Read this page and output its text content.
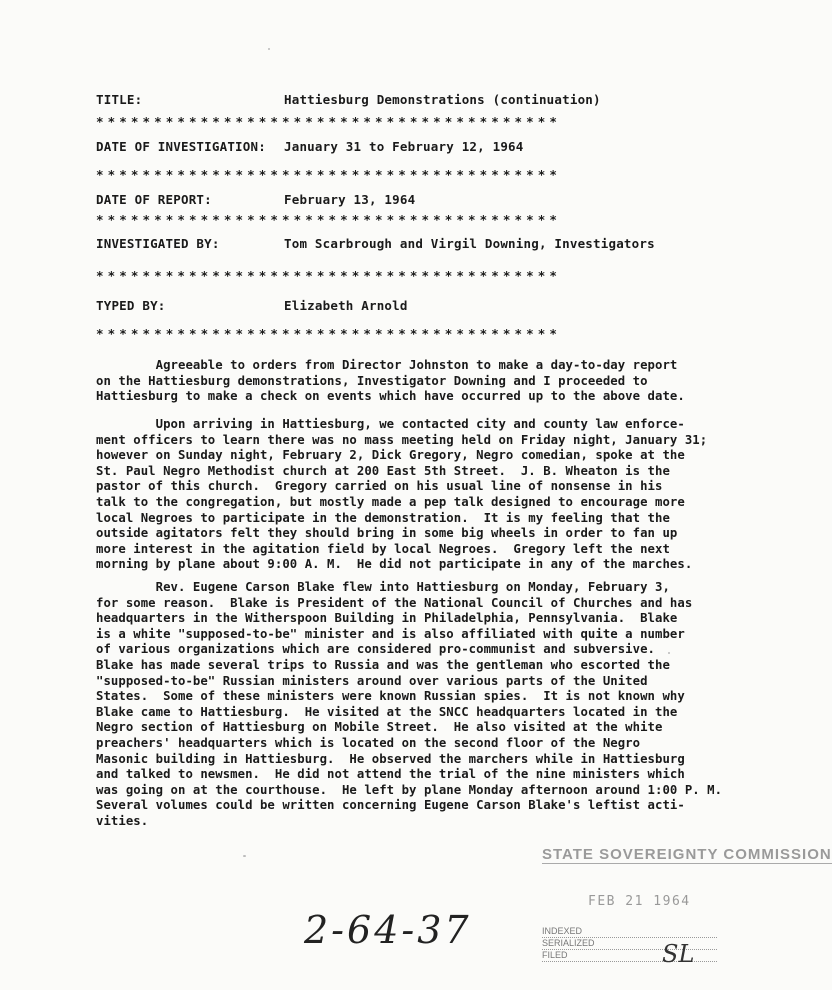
TITLE:	Hattiesburg Demonstrations (continuation)
****************************************
DATE OF INVESTIGATION: January 31 to February 12, 1964
****************************************
DATE OF REPORT:	February 13, 1964
****************************************
INVESTIGATED BY:	Tom Scarbrough and Virgil Downing, Investigators
****************************************
TYPED BY:	Elizabeth Arnold
****************************************
Agreeable to orders from Director Johnston to make a day-to-day report
on the Hattiesburg demonstrations, Investigator Downing and I proceeded to
Hattiesburg to make a check on events which have occurred up to the above date.
Upon arriving in Hattiesburg, we contacted city and county law enforce-
ment officers to learn there was no mass meeting held on Friday night, January 31;
however on Sunday night, February 2, Dick Gregory, Negro comedian, spoke at the
St. Paul Negro Methodist church at 200 East 5th Street.  J. B. Wheaton is the
pastor of this church.  Gregory carried on his usual line of nonsense in his
talk to the congregation, but mostly made a pep talk designed to encourage more
local Negroes to participate in the demonstration.  It is my feeling that the
outside agitators felt they should bring in some big wheels in order to fan up
more interest in the agitation field by local Negroes.  Gregory left the next
morning by plane about 9:00 A. M.  He did not participate in any of the marches.
Rev. Eugene Carson Blake flew into Hattiesburg on Monday, February 3,
for some reason.  Blake is President of the National Council of Churches and has
headquarters in the Witherspoon Building in Philadelphia, Pennsylvania.  Blake
is a white "supposed-to-be" minister and is also affiliated with quite a number
of various organizations which are considered pro-communist and subversive.
Blake has made several trips to Russia and was the gentleman who escorted the
"supposed-to-be" Russian ministers around over various parts of the United
States.  Some of these ministers were known Russian spies.  It is not known why
Blake came to Hattiesburg.  He visited at the SNCC headquarters located in the
Negro section of Hattiesburg on Mobile Street.  He also visited at the white
preachers' headquarters which is located on the second floor of the Negro
Masonic building in Hattiesburg.  He observed the marchers while in Hattiesburg
and talked to newsmen.  He did not attend the trial of the nine ministers which
was going on at the courthouse.  He left by plane Monday afternoon around 1:00 P. M.
Several volumes could be written concerning Eugene Carson Blake's leftist acti-
vities.
STATE SOVEREIGNTY COMMISSION
FEB 21 1964
INDEXED
SERIALIZED
FILED
2-64-37
SL
